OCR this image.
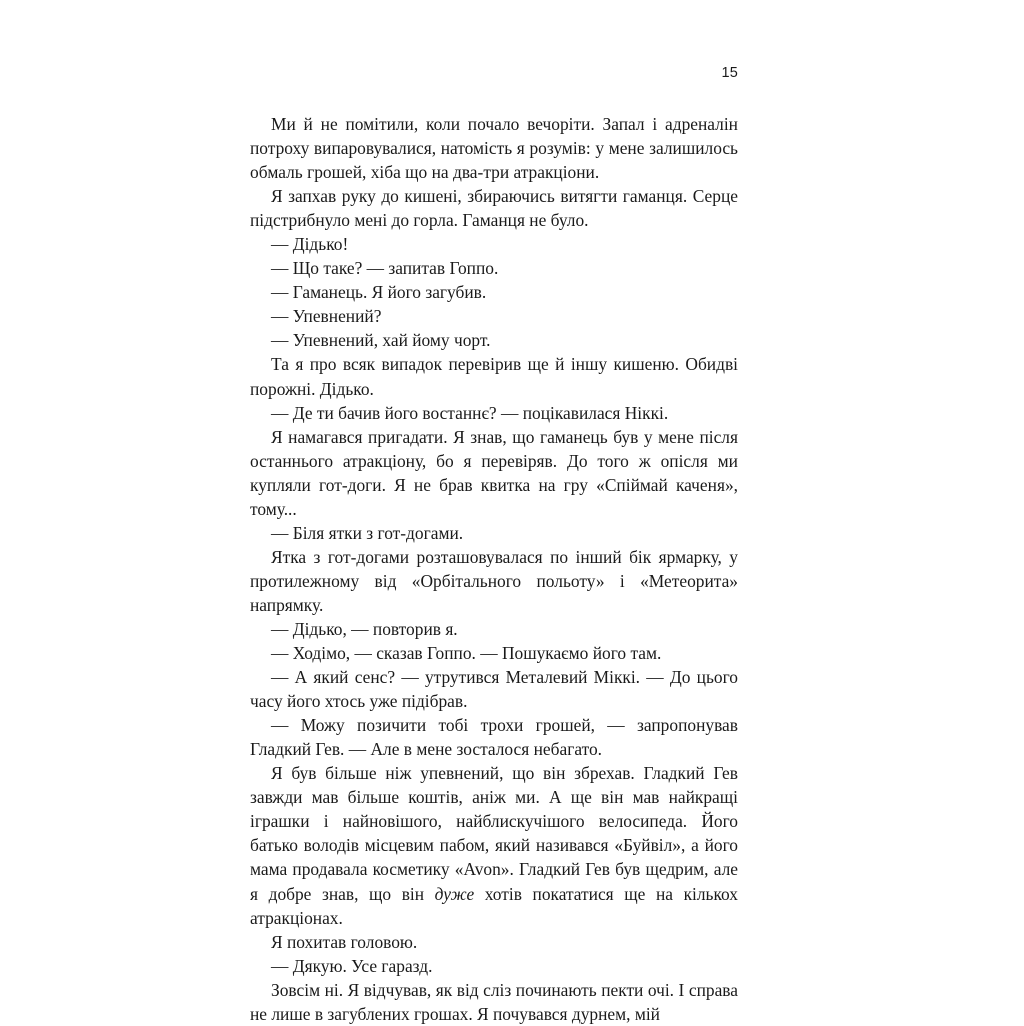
15

Ми й не помітили, коли почало вечоріти. Запал і адреналін потроху випаровувалися, натомість я розумів: у мене залишилось обмаль грошей, хіба що на два-три атракціони.

Я запхав руку до кишені, збираючись витягти гаманця. Серце підстрибнуло мені до горла. Гаманця не було.

— Дідько!

— Що таке? — запитав Гоппо.

— Гаманець. Я його загубив.

— Упевнений?

— Упевнений, хай йому чорт.

Та я про всяк випадок перевірив ще й іншу кишеню. Обидві порожні. Дідько.

— Де ти бачив його востаннє? — поцікавилася Ніккі.

Я намагався пригадати. Я знав, що гаманець був у мене після останнього атракціону, бо я перевіряв. До того ж опісля ми купляли гот-доги. Я не брав квитка на гру «Спіймай каченя», тому...

— Біля ятки з гот-догами.

Ятка з гот-догами розташовувалася по інший бік ярмарку, у протилежному від «Орбітального польоту» і «Метеорита» напрямку.

— Дідько, — повторив я.

— Ходімо, — сказав Гоппо. — Пошукаємо його там.

— А який сенс? — утрутився Металевий Міккі. — До цього часу його хтось уже підібрав.

— Можу позичити тобі трохи грошей, — запропонував Гладкий Гев. — Але в мене зосталося небагато.

Я був більше ніж упевнений, що він збрехав. Гладкий Гев завжди мав більше коштів, аніж ми. А ще він мав найкращі іграшки і найновішого, найблискучішого велосипеда. Його батько володів місцевим пабом, який називався «Буйвіл», а його мама продавала косметику «Avon». Гладкий Гев був щедрим, але я добре знав, що він дуже хотів покататися ще на кількох атракціонах.

Я похитав головою.

— Дякую. Усе гаразд.

Зовсім ні. Я відчував, як від сліз починають пекти очі. І справа не лише в загублених грошах. Я почувався дурнем, мій
